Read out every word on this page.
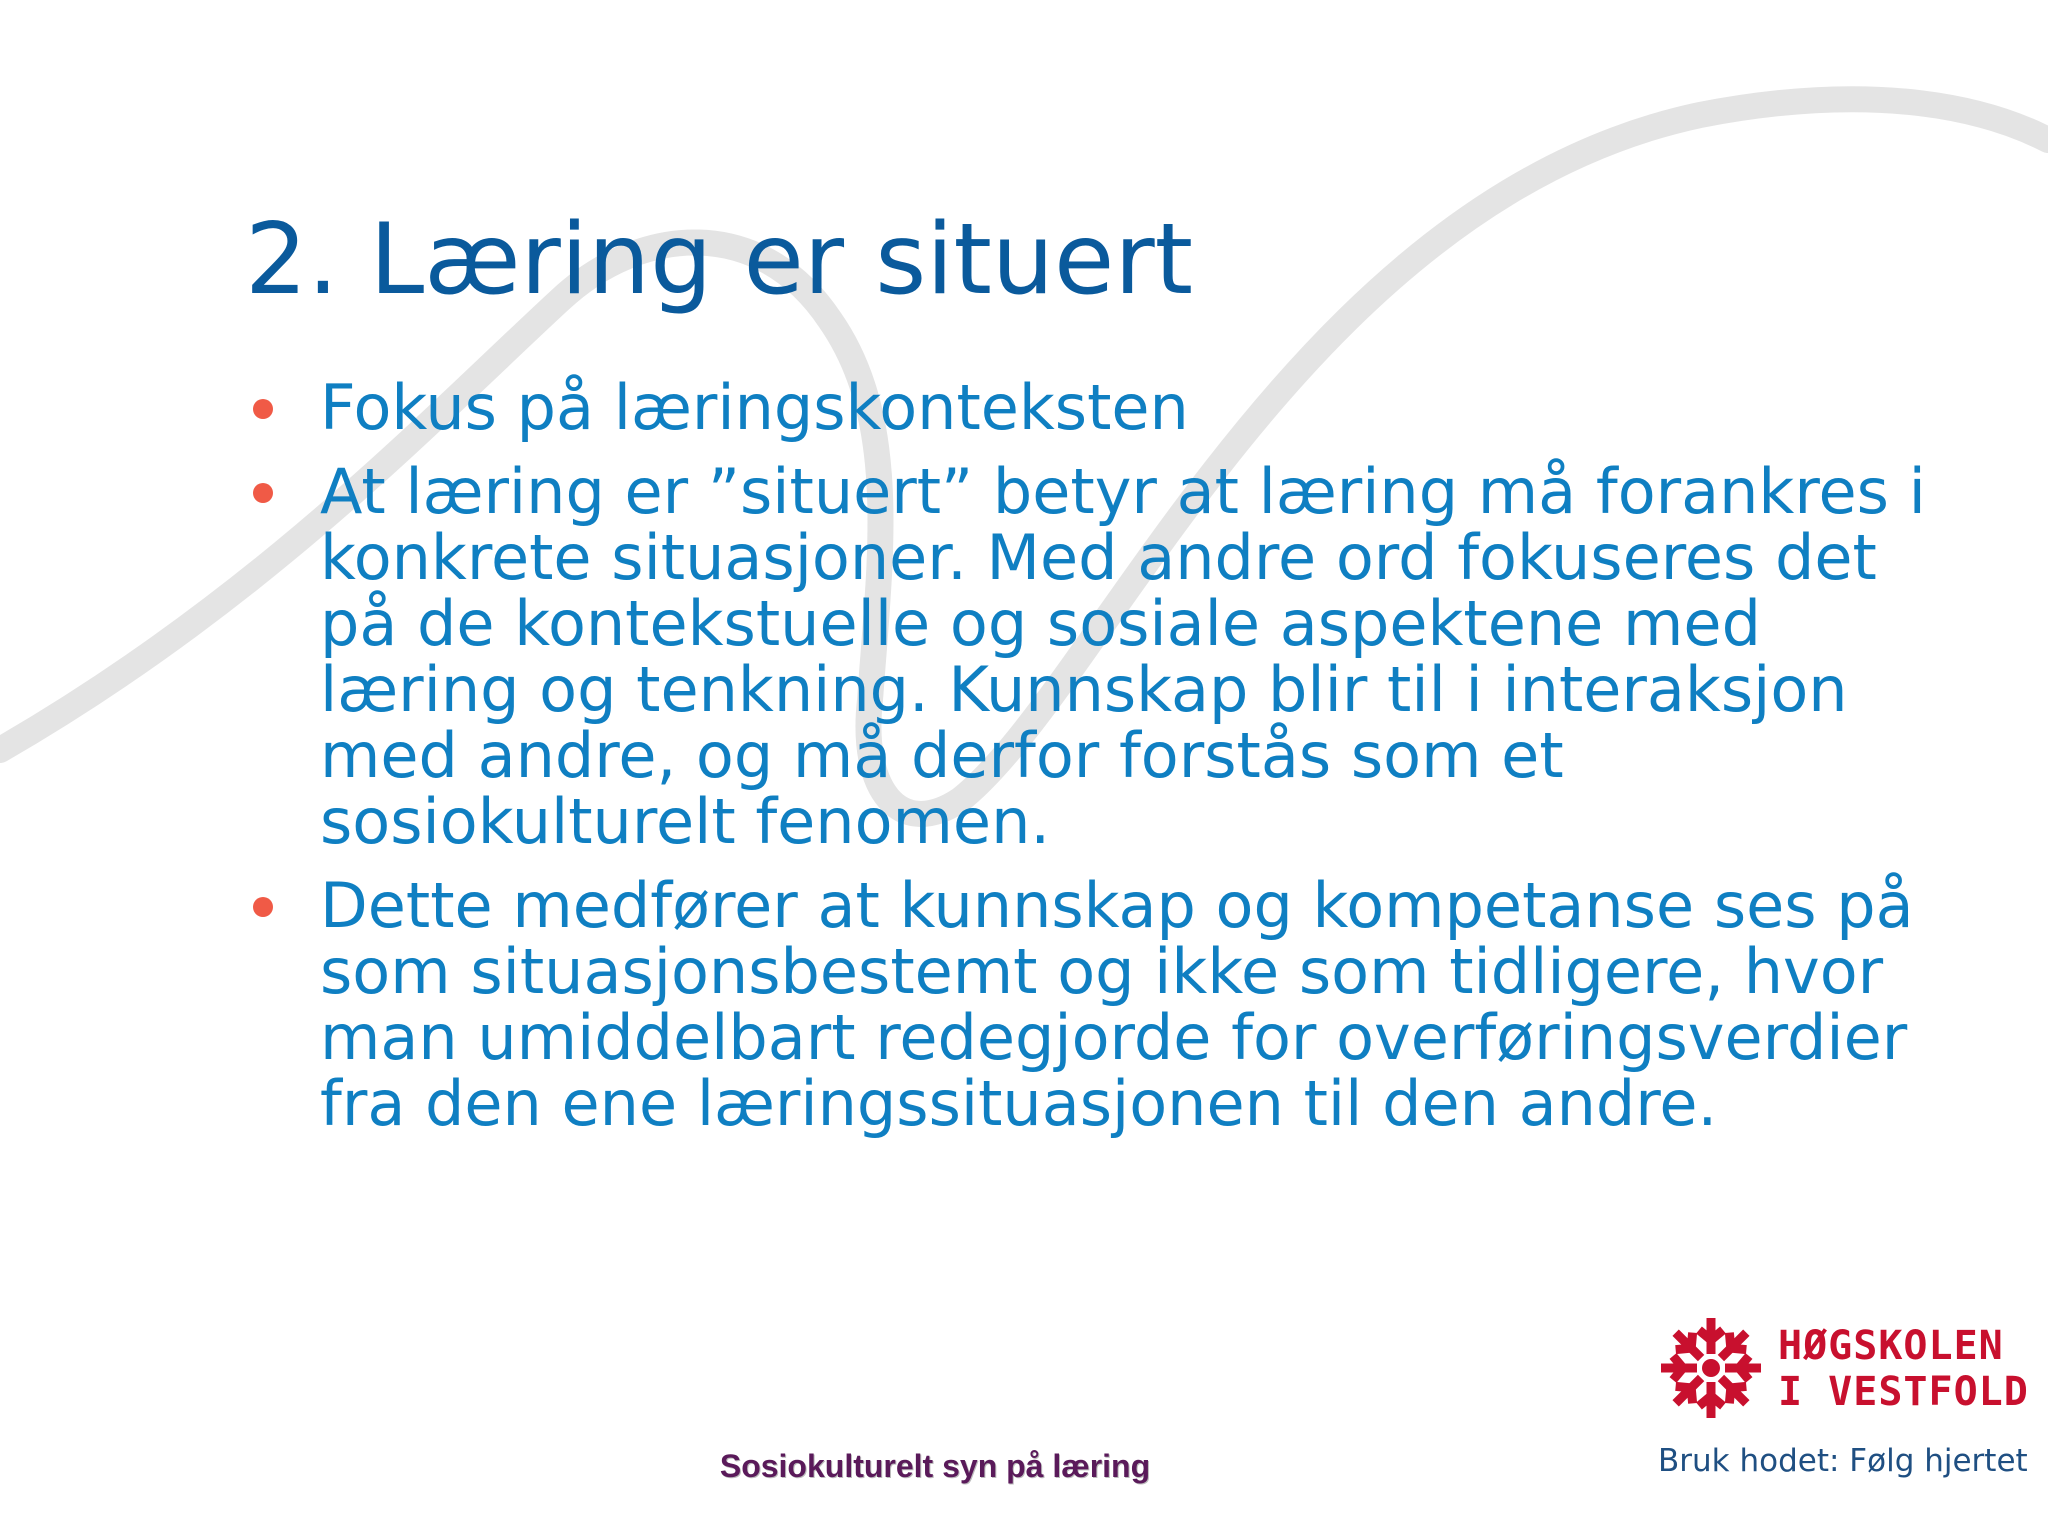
2. Læring er situert
Fokus på læringskonteksten
At læring er ”situert” betyr at læring må forankres i konkrete situasjoner. Med andre ord fokuseres det på de kontekstuelle og sosiale aspektene med læring og tenkning. Kunnskap blir til i interaksjon med andre, og må derfor forstås som et sosiokulturelt fenomen.
Dette medfører at kunnskap og kompetanse ses på som situasjonsbestemt og ikke som tidligere, hvor man umiddelbart redegjorde for overføringsverdier fra den ene læringssituasjonen til den andre.
Sosiokulturelt syn på læring
HØGSKOLEN
I VESTFOLD
Bruk hodet: Følg hjertet
